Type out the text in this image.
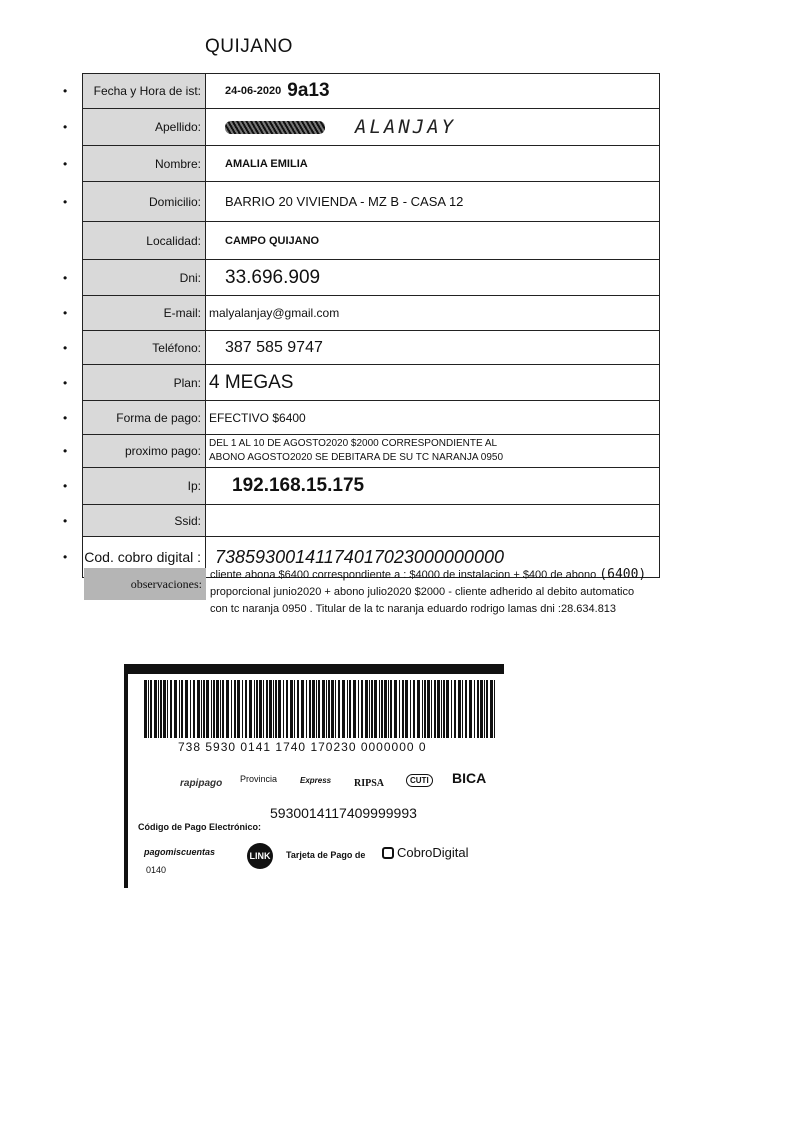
QUIJANO
•	Fecha y Hora de ist:	24-06-2020 9a13
•	Apellido:	ALANJAY
•	Nombre:	AMALIA EMILIA
•	Domicilio:	BARRIO 20 VIVIENDA - MZ B - CASA 12
Localidad:	CAMPO QUIJANO
•	Dni:	33.696.909
•	E-mail: malyalanjay@gmail.com
•	Teléfono:	387 585 9747
•	Plan: 4 MEGAS
•	Forma de pago: EFECTIVO $6400
•	proximo pago:
DEL 1 AL 10 DE AGOSTO2020 $2000 CORRESPONDIENTE AL
ABONO AGOSTO2020 SE DEBITARA DE SU TC NARANJA 0950
•	Ip:	192.168.15.175
•	Ssid:
• Cod. cobro digital : 7385930014117401702300000000​0
observaciones:
cliente abona $6400 correspondiente a : $4000 de instalacion + $400 de abono (6400)
proporcional junio2020 + abono julio2020 $2000 - cliente adherido al debito automatico
con tc naranja 0950 . Titular de la tc naranja eduardo rodrigo lamas dni :28.634.813
738 5930 0141 1740 170230 0000000 0
rapipago Provincia	Express RIPSA	CUTI BICA
Código de Pago Electrónico:
5930014117409999993
pagomiscuentas
0140
LINK Tarjeta de Pago de CobroDigital
